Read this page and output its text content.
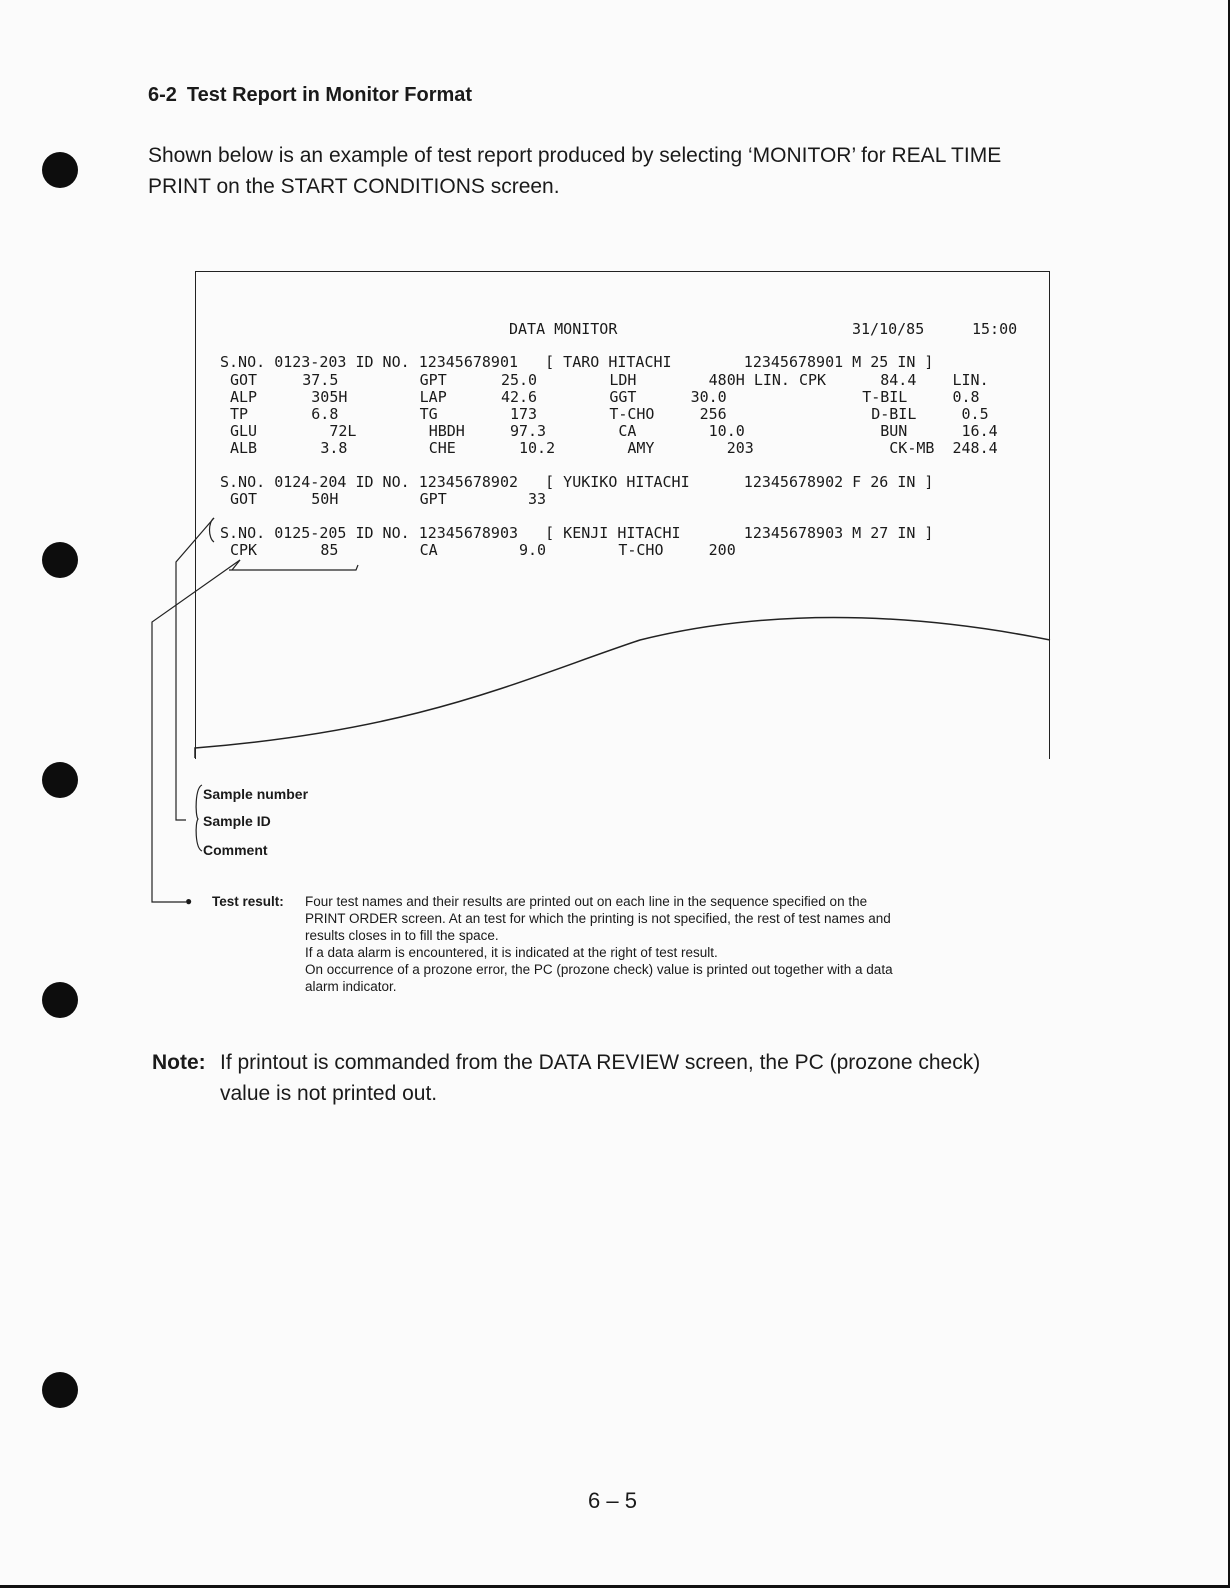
6-2 Test Report in Monitor Format
Shown below is an example of test report produced by selecting ‘MONITOR’ for REAL TIME
PRINT on the START CONDITIONS screen.
DATA MONITOR	31/10/85	15:00
S.NO. 0123-203 ID NO. 12345678901 [ TARO HITACHI        12345678901 M 25 IN ]
GOT	37.5	GPT	25.0	LDH	480H LIN. CPK	84.4 LIN.
ALP	305H	LAP	42.6	GGT	30.0	T-BIL	0.8
TP	6.8	TG	173	T-CHO	256	D-BIL	0.5
GLU	72L	HBDH	97.3	CA	10.0	BUN	16.4
ALB	3.8	CHE	10.2	AMY	203	CK-MB 248.4
S.NO. 0124-204 ID NO. 12345678902 [ YUKIKO HITACHI      12345678902 F 26 IN ]
GOT	50H	GPT	33
S.NO. 0125-205 ID NO. 12345678903 [ KENJI HITACHI       12345678903 M 27 IN ]
CPK	85	CA	9.0	T-CHO	200
Sample number
Sample ID
Comment
● Test result: Four test names and their results are printed out on each line in the sequence specified on the
PRINT ORDER screen. At an test for which the printing is not specified, the rest of test names and
results closes in to fill the space.
If a data alarm is encountered, it is indicated at the right of test result.
On occurrence of a prozone error, the PC (prozone check) value is printed out together with a data
alarm indicator.
Note: If printout is commanded from the DATA REVIEW screen, the PC (prozone check)
value is not printed out.
6 – 5
